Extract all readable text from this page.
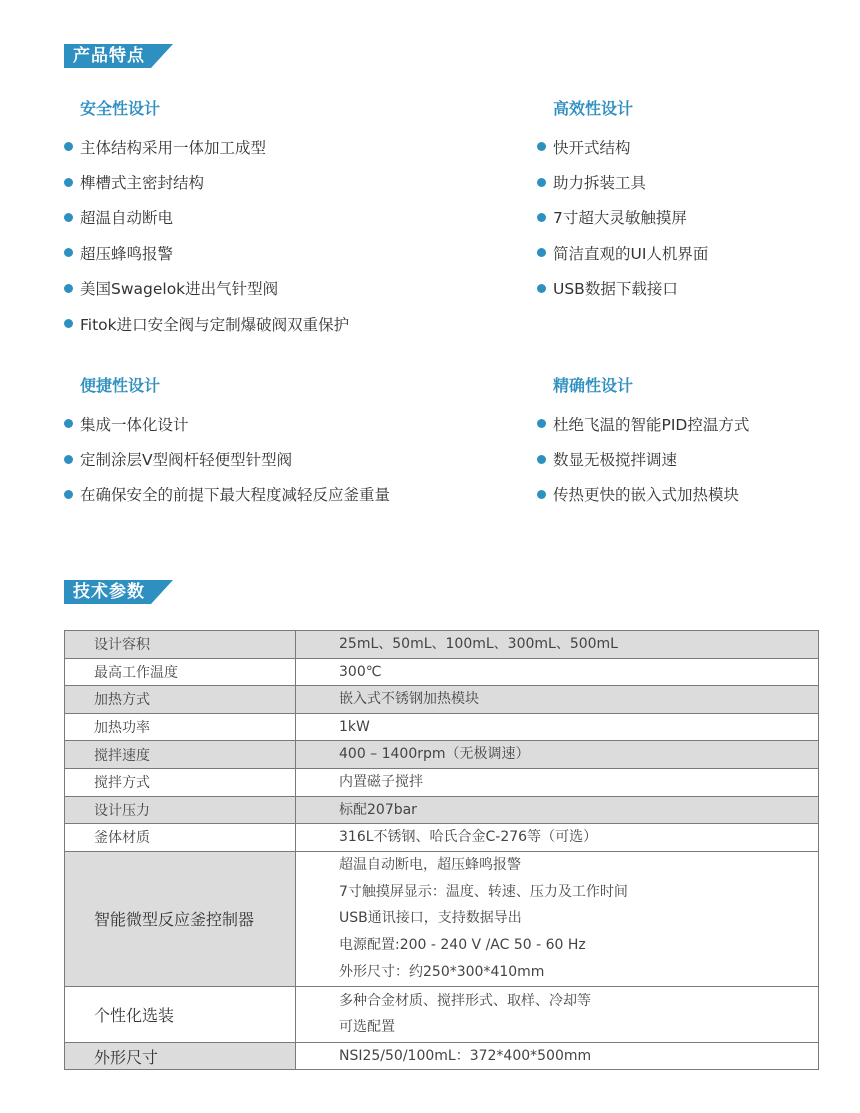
产品特点
安全性设计
主体结构采用一体加工成型
榫槽式主密封结构
超温自动断电
超压蜂鸣报警
美国Swagelok进出气针型阀
Fitok进口安全阀与定制爆破阀双重保护
高效性设计
快开式结构
助力拆装工具
7寸超大灵敏触摸屏
简洁直观的UI人机界面
USB数据下载接口
便捷性设计
集成一体化设计
定制涂层V型阀杆轻便型针型阀
在确保安全的前提下最大程度减轻反应釜重量
精确性设计
杜绝飞温的智能PID控温方式
数显无极搅拌调速
传热更快的嵌入式加热模块
技术参数
设计容积	25mL、50mL、100mL、300mL、500mL

最高工作温度	300℃

加热方式	嵌入式不锈钢加热模块

加热功率	1kW

搅拌速度	400 – 1400rpm（无极调速）

搅拌方式	内置磁子搅拌

设计压力	标配207bar

釜体材质	316L不锈钢、哈氏合金C-276等（可选）

智能微型反应釜控制器	超温自动断电，超压蜂鸣报警
7寸触摸屏显示：温度、转速、压力及工作时间
USB通讯接口，支持数据导出
电源配置:200 - 240 V /AC 50 - 60 Hz
外形尺寸：约250*300*410mm

个性化选装	多种合金材质、搅拌形式、取样、冷却等
可选配置

外形尺寸	NSI25/50/100mL：372*400*500mm
